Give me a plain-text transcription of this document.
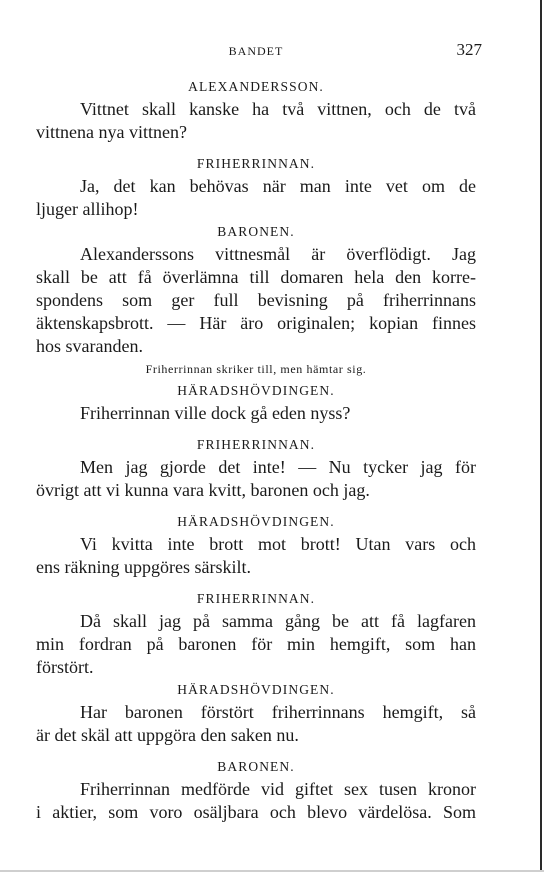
BANDET	327
ALEXANDERSSON.
Vittnet skall kanske ha två vittnen, och de två
vittnena nya vittnen?
FRIHERRINNAN.
Ja, det kan behövas när man inte vet om de
ljuger allihop!
BARONEN.
Alexanderssons vittnesmål är överflödigt. Jag
skall be att få överlämna till domaren hela den korre-
spondens som ger full bevisning på friherrinnans
äktenskapsbrott. — Här äro originalen; kopian finnes
hos svaranden.
Friherrinnan skriker till, men hämtar sig.
HÄRADSHÖVDINGEN.
Friherrinnan ville dock gå eden nyss?
FRIHERRINNAN.
Men jag gjorde det inte! — Nu tycker jag för
övrigt att vi kunna vara kvitt, baronen och jag.
HÄRADSHÖVDINGEN.
Vi kvitta inte brott mot brott! Utan vars och
ens räkning uppgöres särskilt.
FRIHERRINNAN.
Då skall jag på samma gång be att få lagfaren
min fordran på baronen för min hemgift, som han
förstört.
HÄRADSHÖVDINGEN.
Har baronen förstört friherrinnans hemgift, så
är det skäl att uppgöra den saken nu.
BARONEN.
Friherrinnan medförde vid giftet sex tusen kronor
i aktier, som voro osäljbara och blevo värdelösa. Som
